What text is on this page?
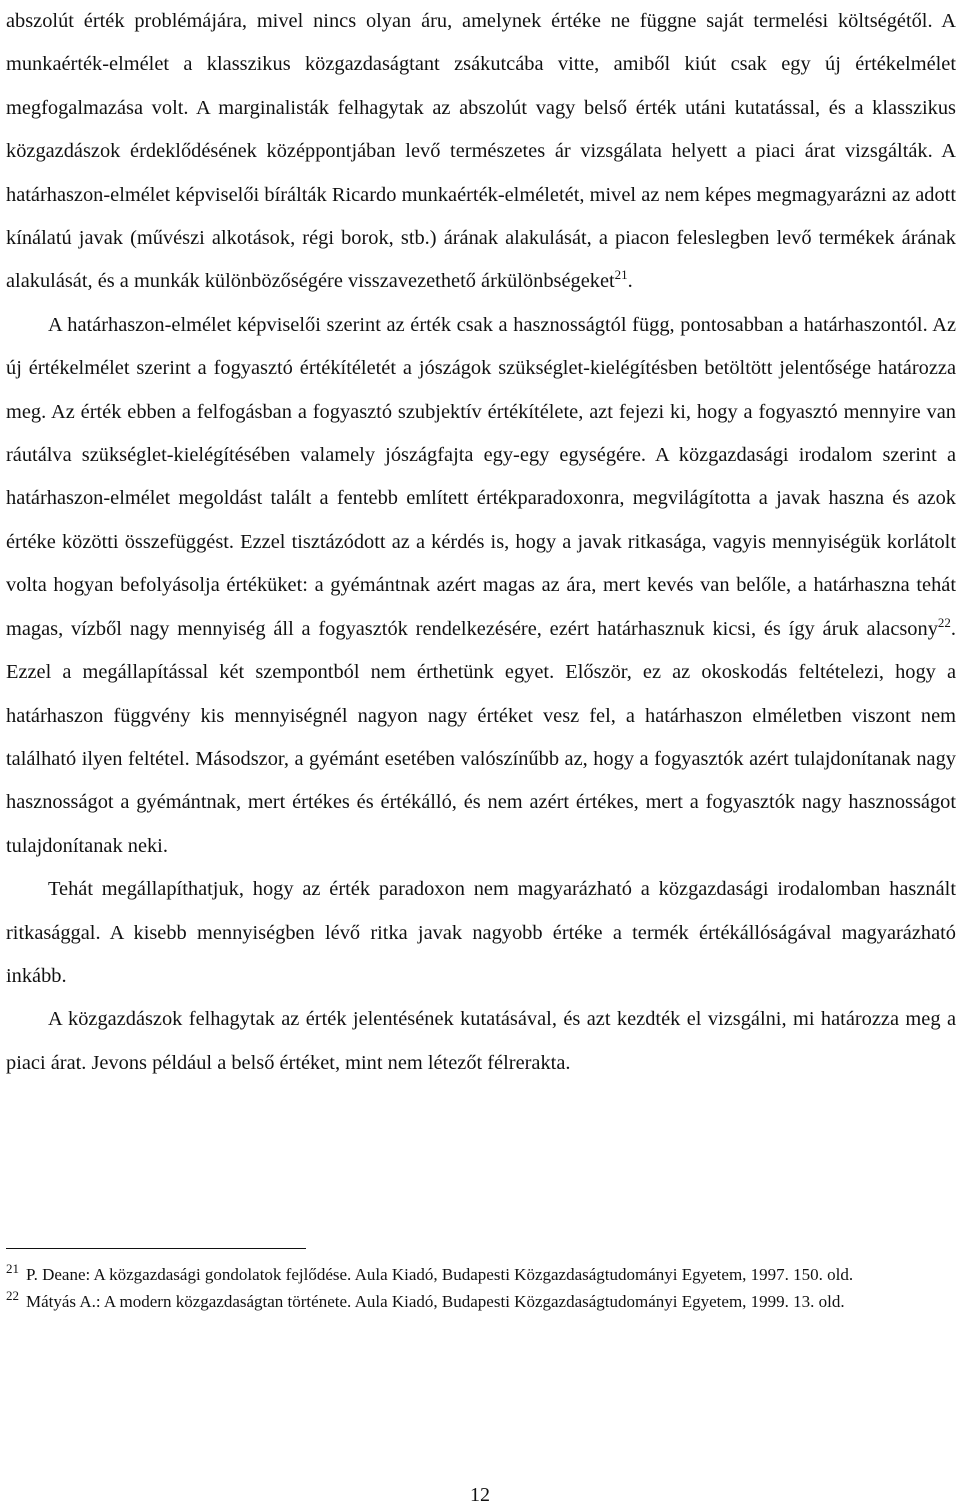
abszolút érték problémájára, mivel nincs olyan áru, amelynek értéke ne függne saját termelési költségétől. A munkaérték-elmélet a klasszikus közgazdaságtant zsákutcába vitte, amiből kiút csak egy új értékelmélet megfogalmazása volt. A marginalisták felhagytak az abszolút vagy belső érték utáni kutatással, és a klasszikus közgazdászok érdeklődésének középpontjában levő természetes ár vizsgálata helyett a piaci árat vizsgálták. A határhaszon-elmélet képviselői bírálták Ricardo munkaérték-elméletét, mivel az nem képes megmagyarázni az adott kínálatú javak (művészi alkotások, régi borok, stb.) árának alakulását, a piacon feleslegben levő termékek árának alakulását, és a munkák különbözőségére visszavezethető árkülönbségeket$^{21}$.

A határhaszon-elmélet képviselői szerint az érték csak a hasznosságtól függ, pontosabban a határhaszontól. Az új értékelmélet szerint a fogyasztó értékítéletét a jószágok szükséglet-kielégítésben betöltött jelentősége határozza meg. Az érték ebben a felfogásban a fogyasztó szubjektív értékítélete, azt fejezi ki, hogy a fogyasztó mennyire van ráutálva szükséglet-kielégítésében valamely jószágfajta egy-egy egységére. A közgazdasági irodalom szerint a határhaszon-elmélet megoldást talált a fentebb említett értékparadoxonra, megvilágította a javak haszna és azok értéke közötti összefüggést. Ezzel tisztázódott az a kérdés is, hogy a javak ritkasága, vagyis mennyiségük korlátolt volta hogyan befolyásolja értéküket: a gyémántnak azért magas az ára, mert kevés van belőle, a határhaszna tehát magas, vízből nagy mennyiség áll a fogyasztók rendelkezésére, ezért határhasznuk kicsi, és így áruk alacsony$^{22}$. Ezzel a megállapítással két szempontból nem érthetünk egyet. Először, ez az okoskodás feltételezi, hogy a határhaszon függvény kis mennyiségnél nagyon nagy értéket vesz fel, a határhaszon elméletben viszont nem található ilyen feltétel. Másodszor, a gyémánt esetében valószínűbb az, hogy a fogyasztók azért tulajdonítanak nagy hasznosságot a gyémántnak, mert értékes és értékálló, és nem azért értékes, mert a fogyasztók nagy hasznosságot tulajdonítanak neki.

Tehát megállapíthatjuk, hogy az érték paradoxon nem magyarázható a közgazdasági irodalomban használt ritkasággal. A kisebb mennyiségben lévő ritka javak nagyobb értéke a termék értékállóságával magyarázható inkább.

A közgazdászok felhagytak az érték jelentésének kutatásával, és azt kezdték el vizsgálni, mi határozza meg a piaci árat. Jevons például a belső értéket, mint nem létezőt félrerakta.

21 P. Deane: A közgazdasági gondolatok fejlődése. Aula Kiadó, Budapesti Közgazdaságtudományi Egyetem, 1997. 150. old.
22 Mátyás A.: A modern közgazdaságtan története. Aula Kiadó, Budapesti Közgazdaságtudományi Egyetem, 1999. 13. old.
12
